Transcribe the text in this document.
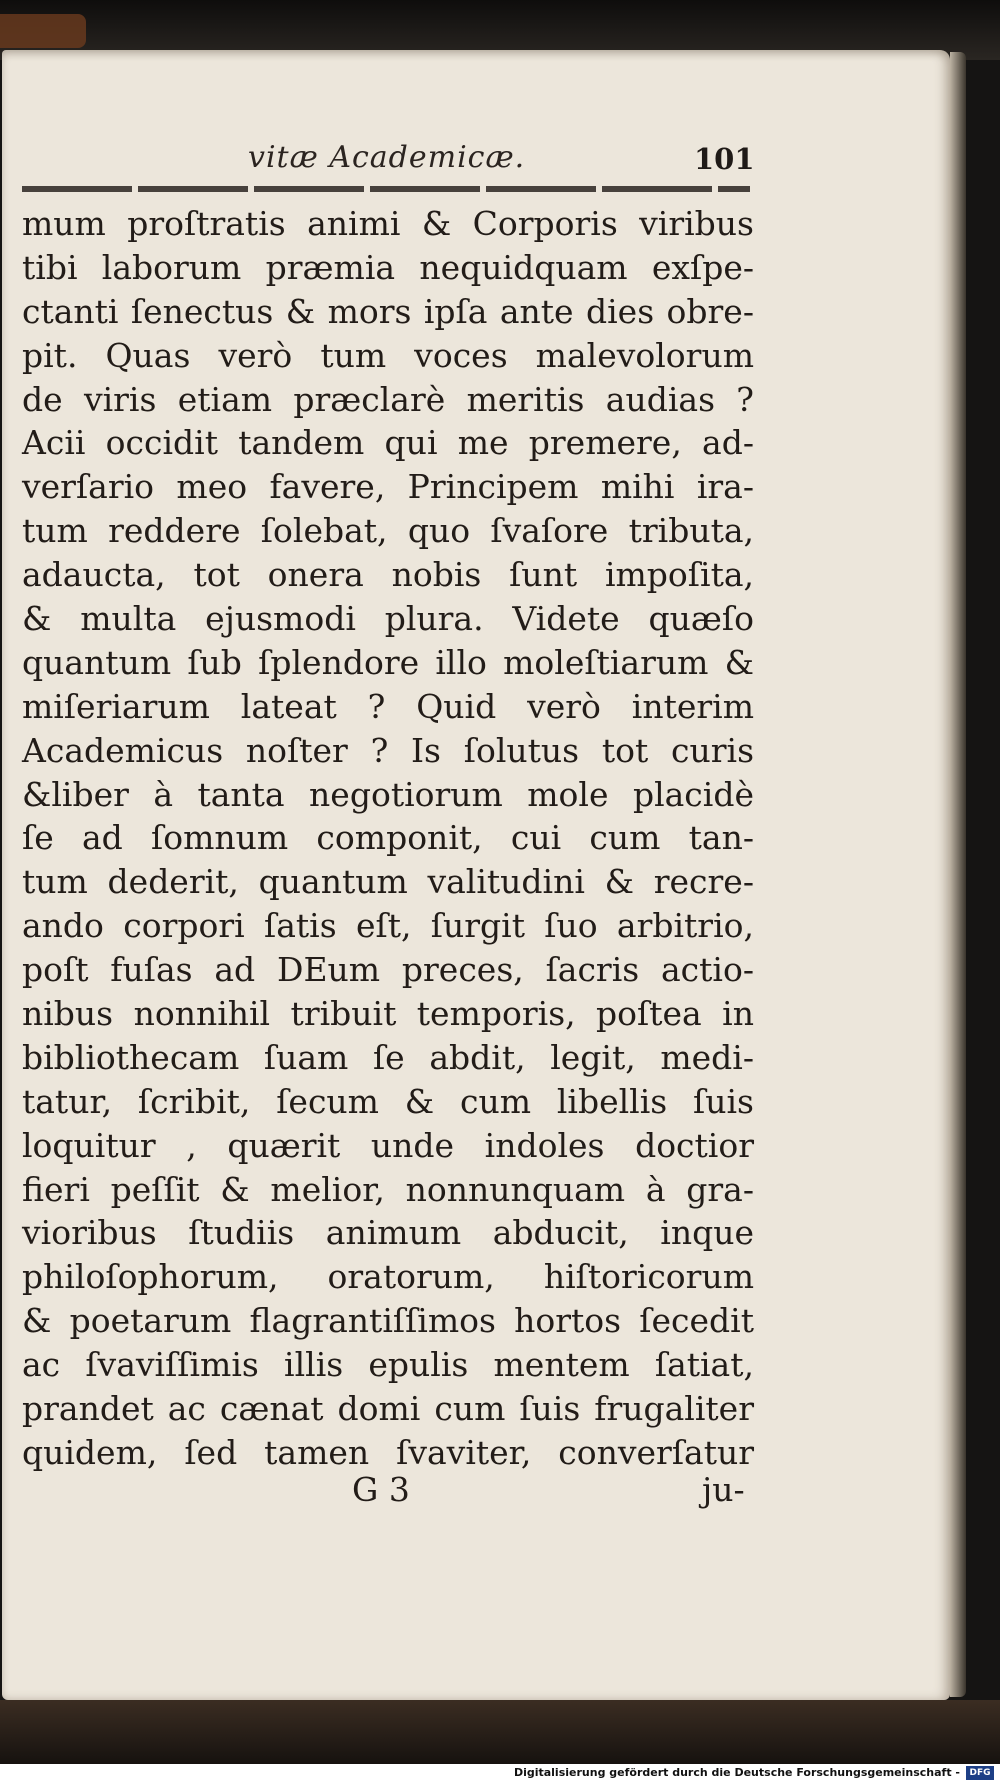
vitæ Academicæ.	101
mum proſtratis animi & Corporis viribus
tibi laborum præmia nequidquam exſpe-
ctanti ſenectus & mors ipſa ante dies obre-
pit. Quas verò tum voces malevolorum
de viris etiam præclarè meritis audias ?
Acii occidit tandem qui me premere, ad-
verſario meo favere, Principem mihi ira-
tum reddere ſolebat, quo ſvaſore tributa,
adaucta, tot onera nobis ſunt impoſita,
& multa ejusmodi plura. Videte quæſo
quantum ſub ſplendore illo moleſtiarum &
miſeriarum lateat ? Quid verò interim
Academicus noſter ? Is ſolutus tot curis
&liber à tanta negotiorum mole placidè
ſe ad ſomnum componit, cui cum tan-
tum dederit, quantum valitudini & recre-
ando corpori ſatis eſt, ſurgit ſuo arbitrio,
poſt fuſas ad DEum preces, ſacris actio-
nibus nonnihil tribuit temporis, poſtea in
bibliothecam ſuam ſe abdit, legit, medi-
tatur, ſcribit, ſecum & cum libellis ſuis
loquitur , quærit unde indoles doctior
fieri peſſit & melior, nonnunquam à gra-
vioribus ſtudiis animum abducit, inque
philoſophorum, oratorum, hiſtoricorum
& poetarum flagrantiſſimos hortos ſecedit
ac ſvaviſſimis illis epulis mentem ſatiat,
prandet ac cænat domi cum ſuis frugaliter
quidem, ſed tamen ſvaviter, converſatur
G 3	ju-
Digitalisierung gefördert durch die Deutsche Forschungsgemeinschaft -	DFG
